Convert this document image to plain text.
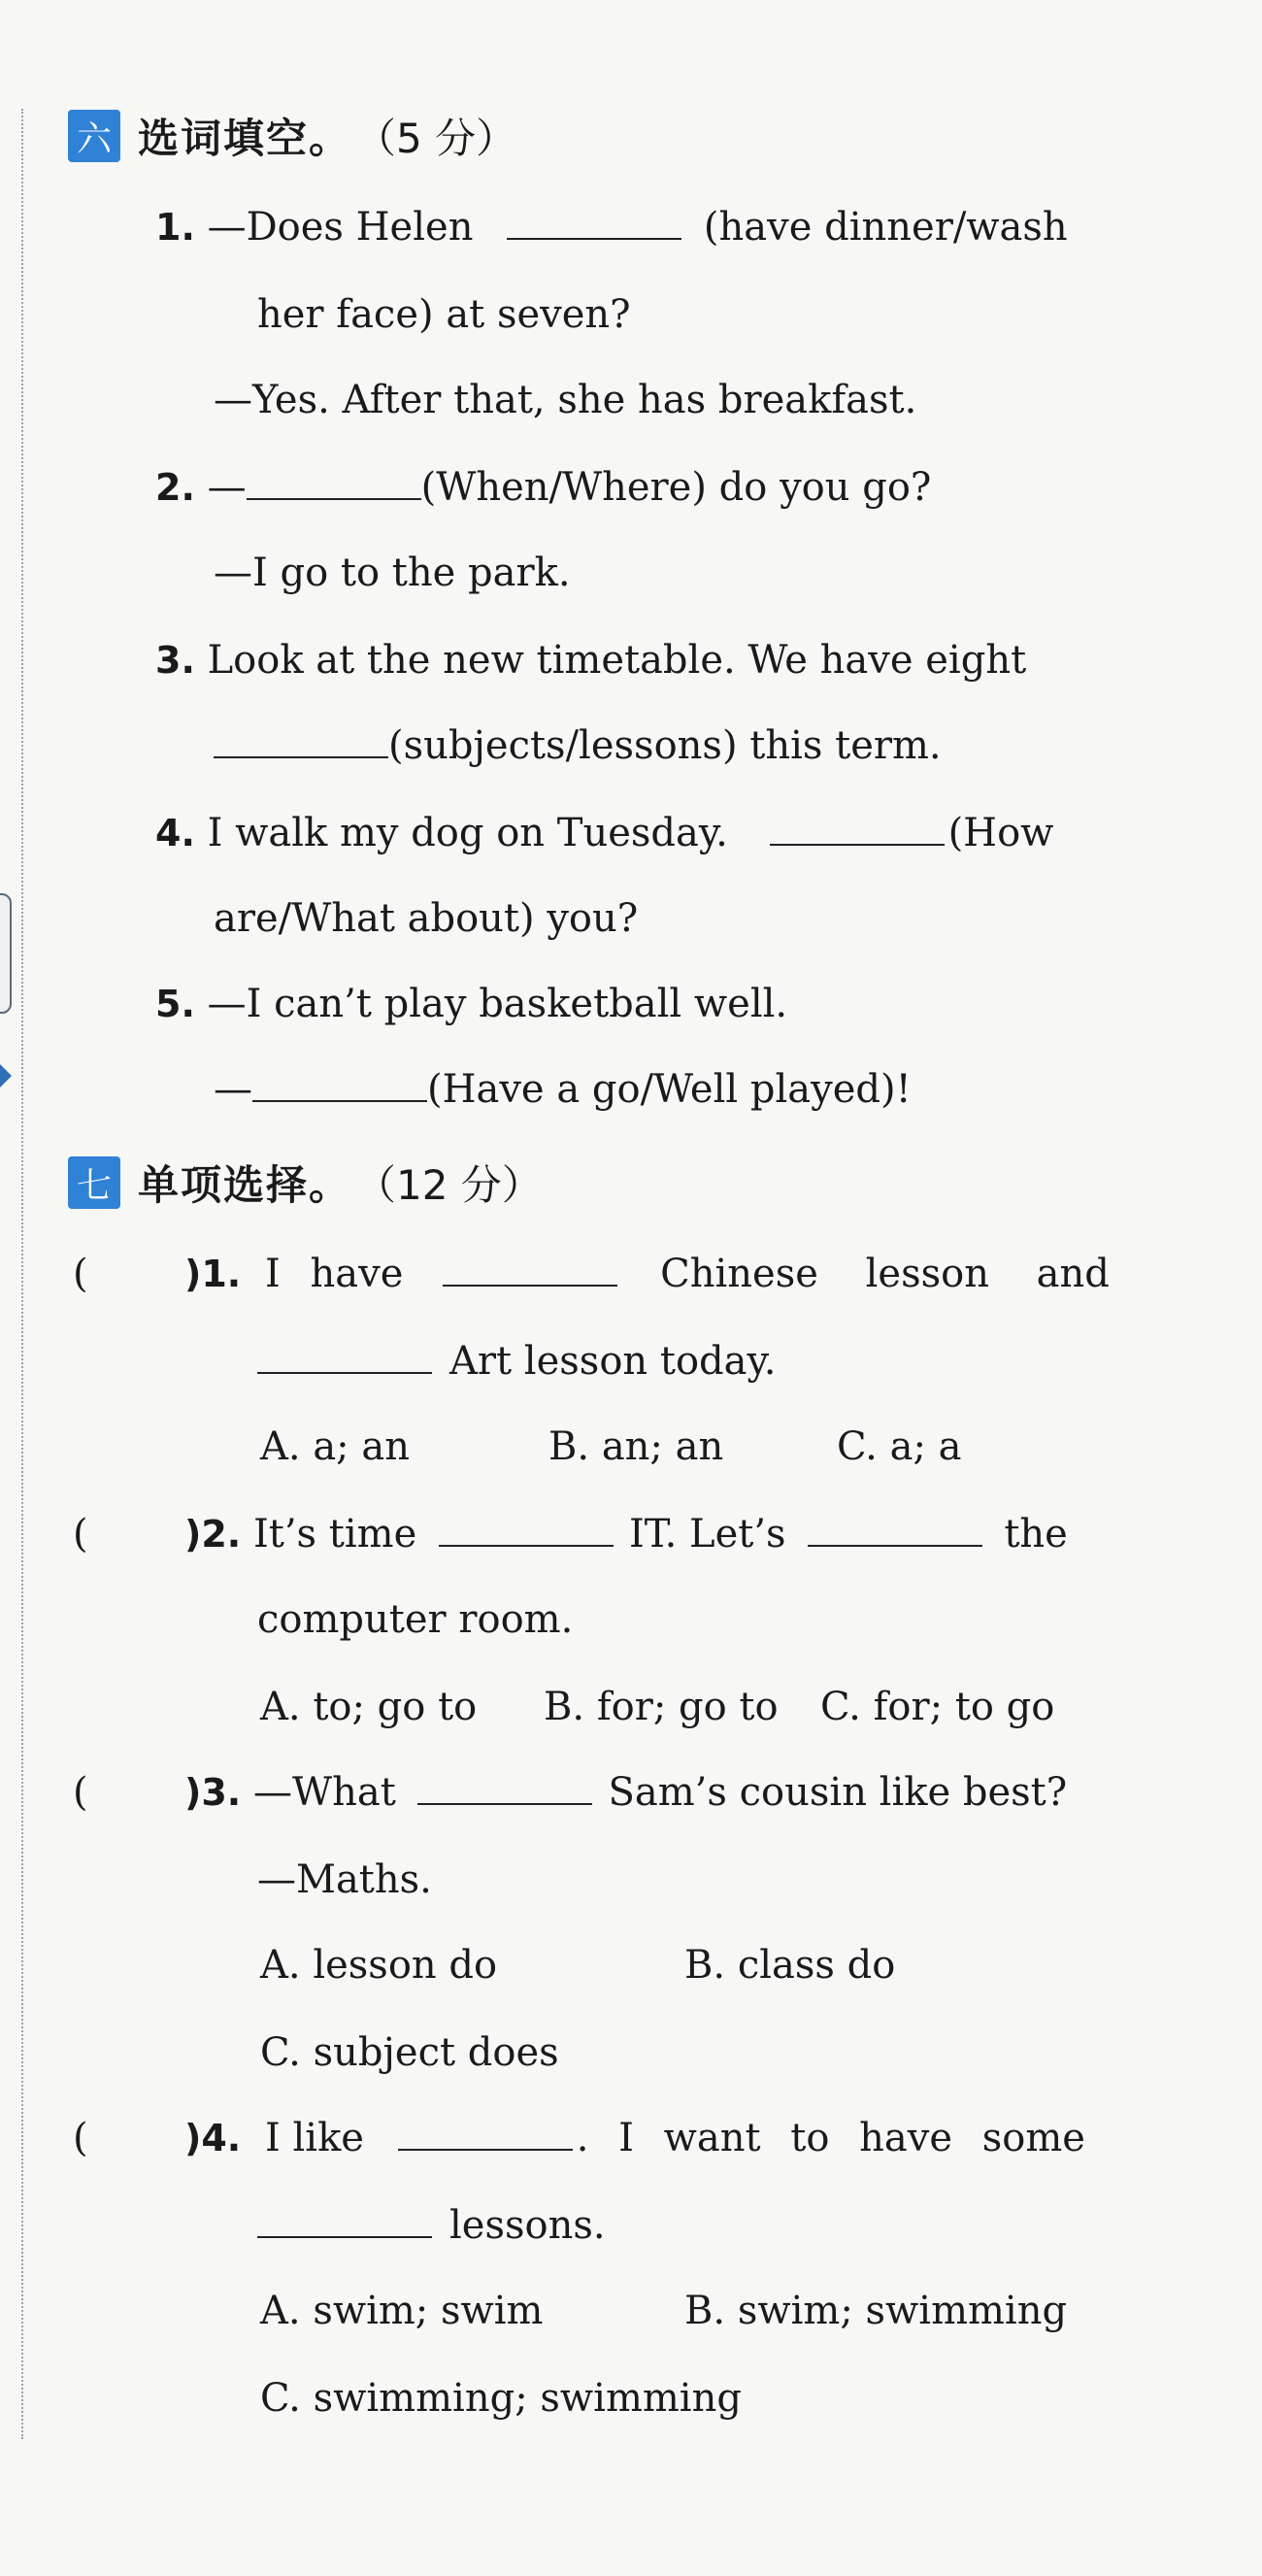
六 选词填空。 （5 分）
1. —Does Helen	(have dinner/wash
her face) at seven?
—Yes. After that, she has breakfast.
2. —	(When/Where) do you go?
—I go to the park.
3. Look at the new timetable. We have eight
(subjects/lessons) this term.
4. I walk my dog on Tuesday.	(How
are/What about) you?
5. —I can’t play basketball well.
—	(Have a go/Well played)!
七 单项选择。 （12 分）
(	)1. I have	Chinese lesson and
Art lesson today.
A. a; an	B. an; an	C. a; a
(	)2. It’s time	IT. Let’s	the
computer room.
A. to; go to B. for; go to C. for; to go
(	)3. —What	Sam’s cousin like best?
—Maths.
A. lesson do	B. class do
C. subject does
(	)4. I like	. I want to have some
lessons.
A. swim; swim	B. swim; swimming
C. swimming; swimming
